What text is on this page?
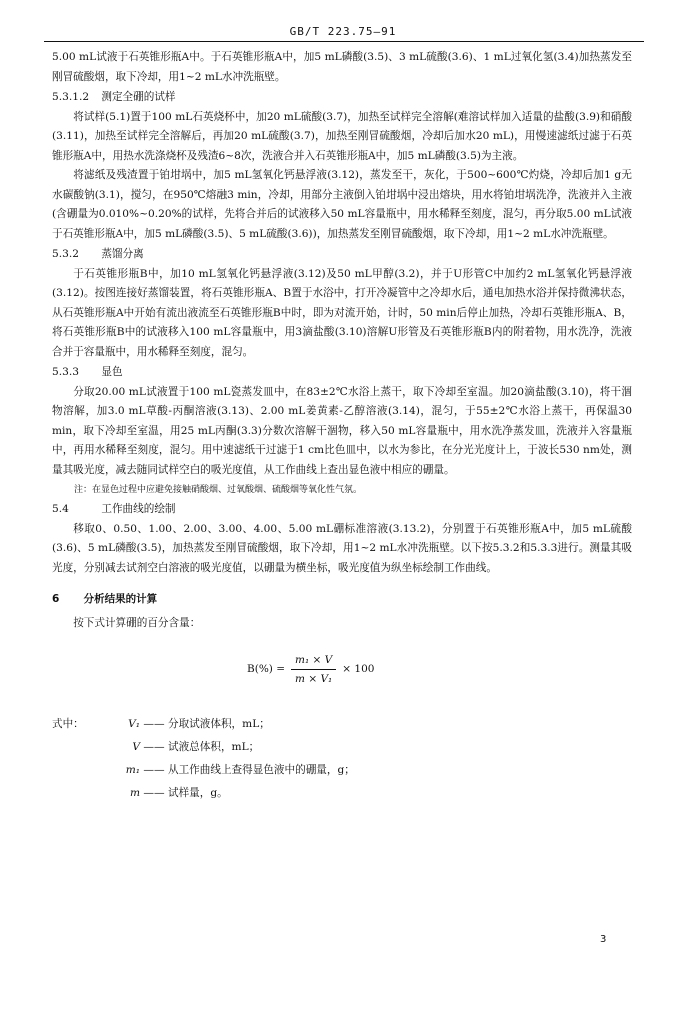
GB/T 223.75—91

5.00 mL试液于石英锥形瓶A中。于石英锥形瓶A中，加5 mL磷酸(3.5)、3 mL硫酸(3.6)、1 mL过氧化氢(3.4)加热蒸发至刚冒硫酸烟，取下冷却，用1~2 mL水冲洗瓶壁。

5.3.1.2 测定全硼的试样

将试样(5.1)置于100 mL石英烧杯中，加20 mL硫酸(3.7)，加热至试样完全溶解(难溶试样加入适量的盐酸(3.9)和硝酸(3.11)，加热至试样完全溶解后，再加20 mL硫酸(3.7)，加热至刚冒硫酸烟，冷却后加水20 mL)，用慢速滤纸过滤于石英锥形瓶A中，用热水洗涤烧杯及残渣6~8次，洗液合并入石英锥形瓶A中，加5 mL磷酸(3.5)为主液。

将滤纸及残渣置于铂坩埚中，加5 mL氢氧化钙悬浮液(3.12)，蒸发至干，灰化，于500~600℃灼烧，冷却后加1 g无水碳酸钠(3.1)，搅匀，在950℃熔融3 min，冷却，用部分主液倒入铂坩埚中浸出熔块，用水将铂坩埚洗净，洗液并入主液(含硼量为0.010%~0.20%的试样，先将合并后的试液移入50 mL容量瓶中，用水稀释至刻度，混匀，再分取5.00 mL试液于石英锥形瓶A中，加5 mL磷酸(3.5)、5 mL硫酸(3.6))，加热蒸发至刚冒硫酸烟，取下冷却，用1~2 mL水冲洗瓶壁。

5.3.2 蒸馏分离

于石英锥形瓶B中，加10 mL氢氧化钙悬浮液(3.12)及50 mL甲醇(3.2)，并于U形管C中加约2 mL氢氧化钙悬浮液(3.12)。按图连接好蒸馏装置，将石英锥形瓶A、B置于水浴中，打开冷凝管中之冷却水后，通电加热水浴并保持微沸状态，从石英锥形瓶A中开始有流出液流至石英锥形瓶B中时，即为对流开始，计时，50 min后停止加热，冷却石英锥形瓶A、B，将石英锥形瓶B中的试液移入100 mL容量瓶中，用3滴盐酸(3.10)溶解U形管及石英锥形瓶B内的附着物，用水洗净，洗液合并于容量瓶中，用水稀释至刻度，混匀。

5.3.3 显色

分取20.00 mL试液置于100 mL瓷蒸发皿中，在83±2℃水浴上蒸干，取下冷却至室温。加20滴盐酸(3.10)，将干涸物溶解，加3.0 mL草酸-丙酮溶液(3.13)、2.00 mL姜黄素-乙醇溶液(3.14)，混匀，于55±2℃水浴上蒸干，再保温30 min，取下冷却至室温，用25 mL丙酮(3.3)分数次溶解干涸物，移入50 mL容量瓶中，用水洗净蒸发皿，洗液并入容量瓶中，再用水稀释至刻度，混匀。用中速滤纸干过滤于1 cm比色皿中，以水为参比，在分光光度计上，于波长530 nm处，测量其吸光度，减去随同试样空白的吸光度值，从工作曲线上查出显色液中相应的硼量。

注：在显色过程中应避免接触硝酸烟、过氧酸烟、硫酸烟等氧化性气氛。

5.4	工作曲线的绘制

移取0、0.50、1.00、2.00、3.00、4.00、5.00 mL硼标准溶液(3.13.2)，分别置于石英锥形瓶A中，加5 mL硫酸(3.6)、5 mL磷酸(3.5)，加热蒸发至刚冒硫酸烟，取下冷却，用1~2 mL水冲洗瓶壁。以下按5.3.2和5.3.3进行。测量其吸光度，分别减去试剂空白溶液的吸光度值，以硼量为横坐标，吸光度值为纵坐标绘制工作曲线。

6 分析结果的计算

按下式计算硼的百分含量：

$B(\%) = \frac{\text{m₁ × V}}{\text{m × V₁}} \times 100$
式中：	V₁ —— 分取试液体积，mL；
V —— 试液总体积，mL；
m₁ —— 从工作曲线上查得显色液中的硼量，g；
m —— 试样量，g。
3
